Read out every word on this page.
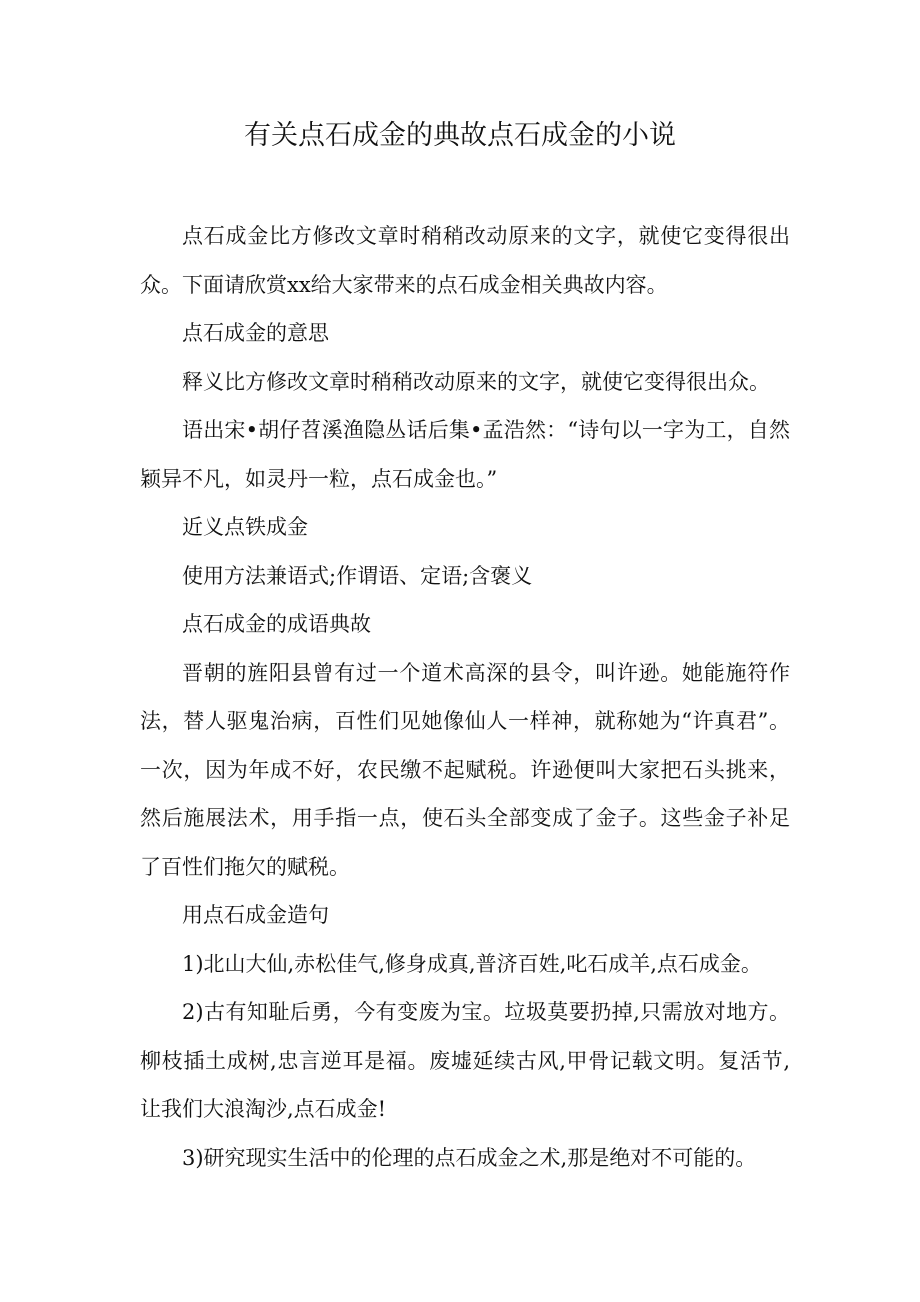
有关点石成金的典故点石成金的小说

点石成金比方修改文章时稍稍改动原来的文字，就使它变得很出众。下面请欣赏xx给大家带来的点石成金相关典故内容。

点石成金的意思

释义比方修改文章时稍稍改动原来的文字，就使它变得很出众。

语出宋•胡仔苕溪渔隐丛话后集•孟浩然：“诗句以一字为工，自然颖异不凡，如灵丹一粒，点石成金也。”

近义点铁成金

使用方法兼语式;作谓语、定语;含褒义

点石成金的成语典故

晋朝的旌阳县曾有过一个道术高深的县令，叫许逊。她能施符作法，替人驱鬼治病，百性们见她像仙人一样神，就称她为“许真君”。一次，因为年成不好，农民缴不起赋税。许逊便叫大家把石头挑来，然后施展法术，用手指一点，使石头全部变成了金子。这些金子补足了百性们拖欠的赋税。

用点石成金造句

1)北山大仙,赤松佳气,修身成真,普济百姓,叱石成羊,点石成金。

2)古有知耻后勇，今有变废为宝。垃圾莫要扔掉,只需放对地方。柳枝插土成树,忠言逆耳是福。废墟延续古风,甲骨记载文明。复活节,让我们大浪淘沙,点石成金!

3)研究现实生活中的伦理的点石成金之术,那是绝对不可能的。
